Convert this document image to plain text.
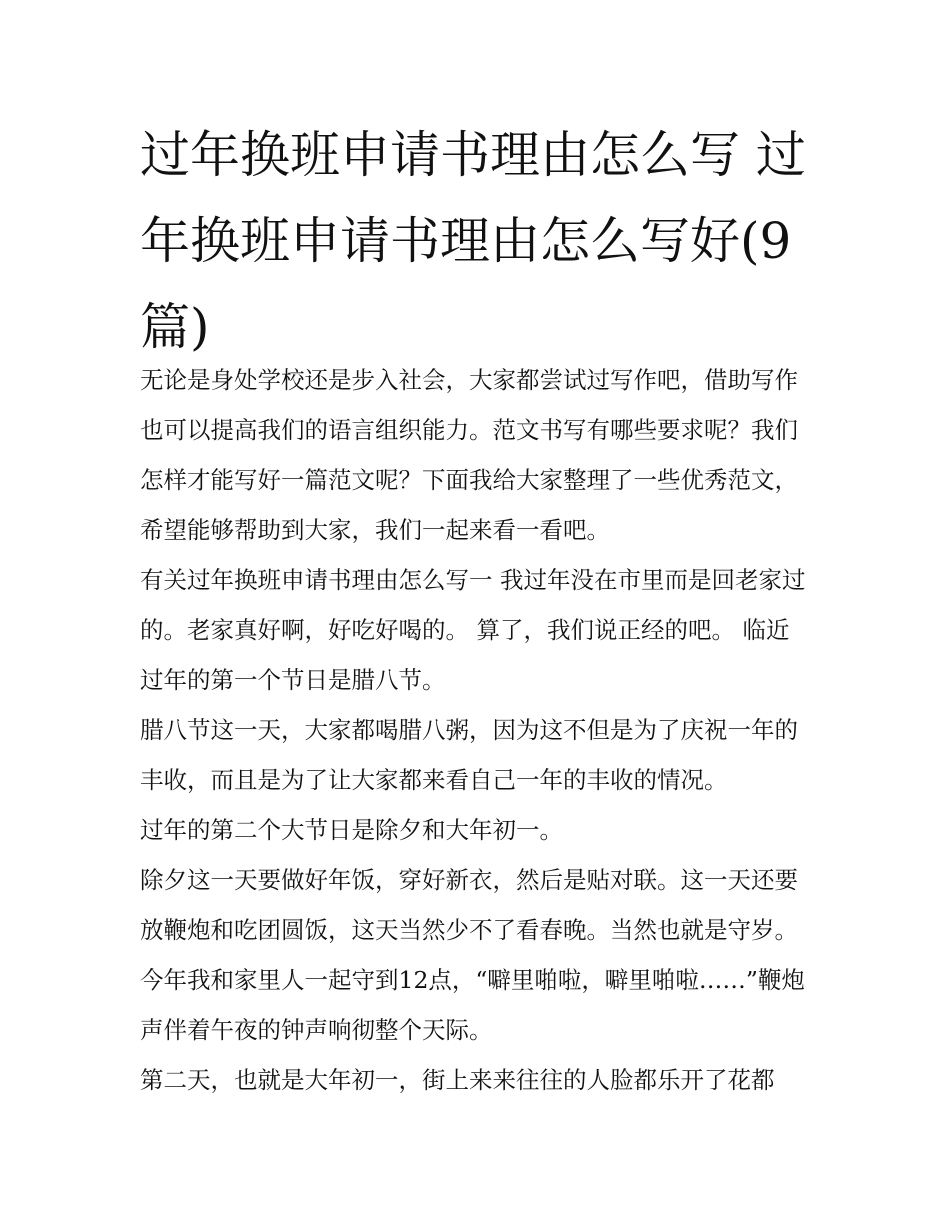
过年换班申请书理由怎么写 过年换班申请书理由怎么写好(9篇)

无论是身处学校还是步入社会，大家都尝试过写作吧，借助写作也可以提高我们的语言组织能力。范文书写有哪些要求呢？我们怎样才能写好一篇范文呢？下面我给大家整理了一些优秀范文，希望能够帮助到大家，我们一起来看一看吧。

有关过年换班申请书理由怎么写一 我过年没在市里而是回老家过的。老家真好啊，好吃好喝的。 算了，我们说正经的吧。 临近过年的第一个节日是腊八节。

腊八节这一天，大家都喝腊八粥，因为这不但是为了庆祝一年的丰收，而且是为了让大家都来看自己一年的丰收的情况。

过年的第二个大节日是除夕和大年初一。

除夕这一天要做好年饭，穿好新衣，然后是贴对联。这一天还要放鞭炮和吃团圆饭，这天当然少不了看春晚。当然也就是守岁。今年我和家里人一起守到12点，“噼里啪啦，噼里啪啦……”鞭炮声伴着午夜的钟声响彻整个天际。

第二天，也就是大年初一，街上来来往往的人脸都乐开了花都
